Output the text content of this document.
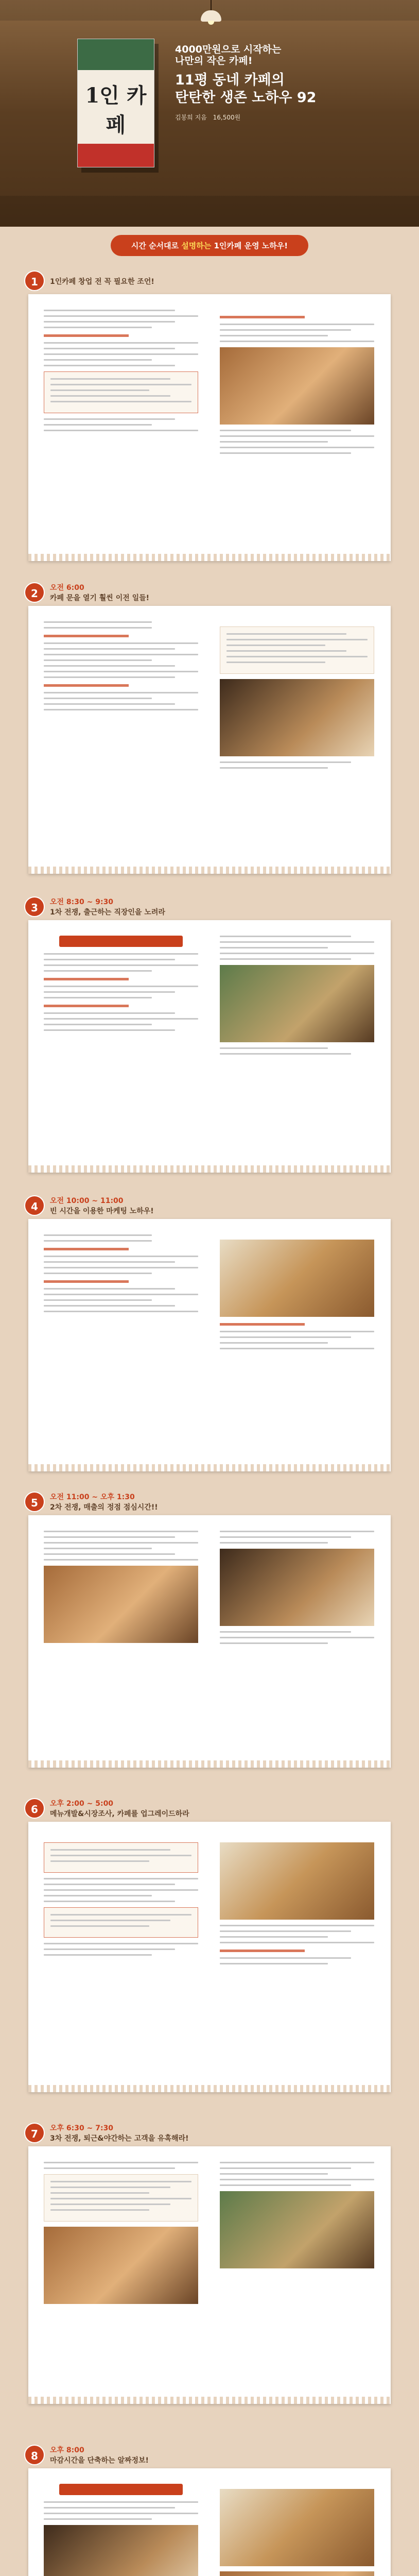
1인 카페
4000만원으로 시작하는
나만의 작은 카페!
11평 동네 카페의
탄탄한 생존 노하우 92
김봉희 지음 16,500원
시간 순서대로 설명하는 1인카페 운영 노하우!
1	1인카페 창업 전 꼭 필요한 조언!
2	오전 6:00
카페 문을 열기 훨씬 이전 일들!
3	오전 8:30 ~ 9:30
1차 전쟁, 출근하는 직장인을 노려라
4	오전 10:00 ~ 11:00
빈 시간을 이용한 마케팅 노하우!
5	오전 11:00 ~ 오후 1:30
2차 전쟁, 매출의 정점 점심시간!!
6	오후 2:00 ~ 5:00
메뉴개발&시장조사, 카페를 업그레이드하라
7	오후 6:30 ~ 7:30
3차 전쟁, 퇴근&야간하는 고객을 유혹해라!
8	오후 8:00
마감시간을 단축하는 알짜정보!
